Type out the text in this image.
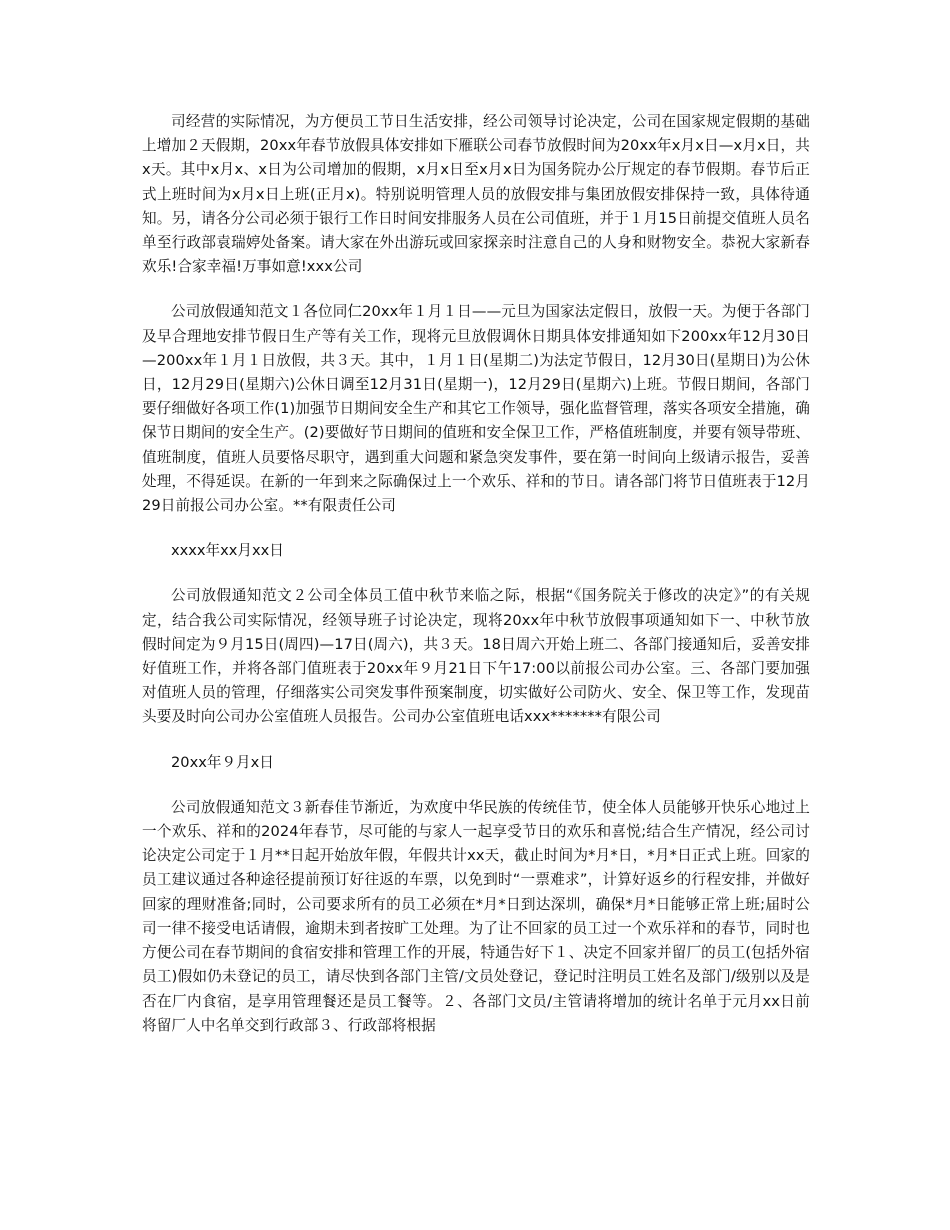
司经营的实际情况，为方便员工节日生活安排，经公司领导讨论决定，公司在国家规定假期的基础上增加２天假期，20xx年春节放假具体安排如下雁联公司春节放假时间为20xx年x月x日—x月x日，共x天。其中x月x、x日为公司增加的假期，x月x日至x月x日为国务院办公厅规定的春节假期。春节后正式上班时间为x月x日上班(正月x)。特别说明管理人员的放假安排与集团放假安排保持一致，具体待通知。另，请各分公司必须于银行工作日时间安排服务人员在公司值班，并于１月15日前提交值班人员名单至行政部袁瑞婷处备案。请大家在外出游玩或回家探亲时注意自己的人身和财物安全。恭祝大家新春欢乐!合家幸福!万事如意!xxx公司

公司放假通知范文１各位同仁20xx年１月１日——元旦为国家法定假日，放假一天。为便于各部门及早合理地安排节假日生产等有关工作，现将元旦放假调休日期具体安排通知如下200xx年12月30日—200xx年１月１日放假，共３天。其中，１月１日(星期二)为法定节假日，12月30日(星期日)为公休日，12月29日(星期六)公休日调至12月31日(星期一)，12月29日(星期六)上班。节假日期间，各部门要仔细做好各项工作(1)加强节日期间安全生产和其它工作领导，强化监督管理，落实各项安全措施，确保节日期间的安全生产。(2)要做好节日期间的值班和安全保卫工作，严格值班制度，并要有领导带班、值班制度，值班人员要恪尽职守，遇到重大问题和紧急突发事件，要在第一时间向上级请示报告，妥善处理，不得延误。在新的一年到来之际确保过上一个欢乐、祥和的节日。请各部门将节日值班表于12月29日前报公司办公室。**有限责任公司

xxxx年xx月xx日

公司放假通知范文２公司全体员工值中秋节来临之际，根据“《国务院关于修改的决定》”的有关规定，结合我公司实际情况，经领导班子讨论决定，现将20xx年中秋节放假事项通知如下一、中秋节放假时间定为９月15日(周四)—17日(周六)，共３天。18日周六开始上班二、各部门接通知后，妥善安排好值班工作，并将各部门值班表于20xx年９月21日下午17:00以前报公司办公室。三、各部门要加强对值班人员的管理，仔细落实公司突发事件预案制度，切实做好公司防火、安全、保卫等工作，发现苗头要及时向公司办公室值班人员报告。公司办公室值班电话xxx*******有限公司

20xx年９月x日

公司放假通知范文３新春佳节渐近，为欢度中华民族的传统佳节，使全体人员能够开快乐心地过上一个欢乐、祥和的2024年春节，尽可能的与家人一起享受节日的欢乐和喜悦;结合生产情况，经公司讨论决定公司定于１月**日起开始放年假，年假共计xx天，截止时间为*月*日，*月*日正式上班。回家的员工建议通过各种途径提前预订好往返的车票，以免到时“一票难求”，计算好返乡的行程安排，并做好回家的理财准备;同时，公司要求所有的员工必须在*月*日到达深圳，确保*月*日能够正常上班;届时公司一律不接受电话请假，逾期未到者按旷工处理。为了让不回家的员工过一个欢乐祥和的春节，同时也方便公司在春节期间的食宿安排和管理工作的开展，特通告好下１、决定不回家并留厂的员工(包括外宿员工)假如仍未登记的员工，请尽快到各部门主管/文员处登记，登记时注明员工姓名及部门/级别以及是否在厂内食宿，是享用管理餐还是员工餐等。２、各部门文员/主管请将增加的统计名单于元月xx日前将留厂人中名单交到行政部３、行政部将根据
